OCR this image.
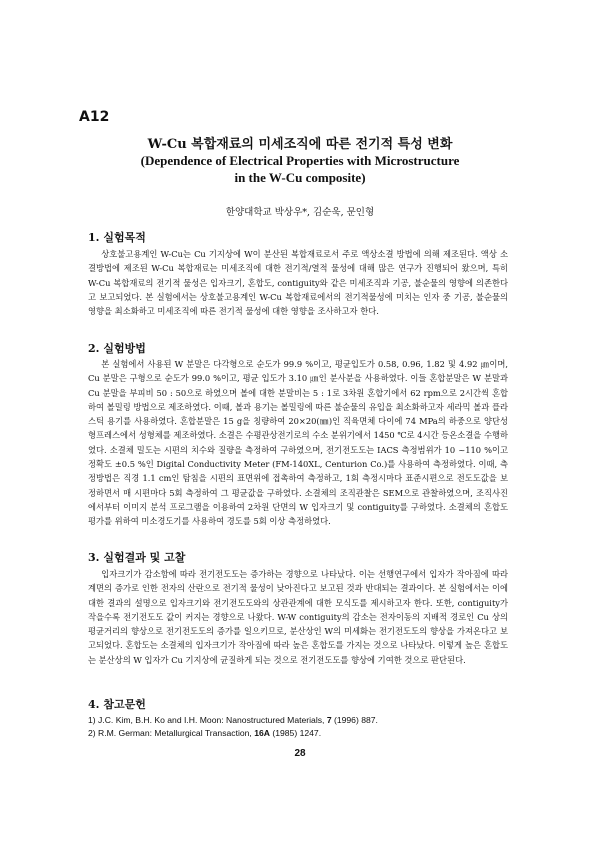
A12
W-Cu 복합재료의 미세조직에 따른 전기적 특성 변화
(Dependence of Electrical Properties with Microstructure
in the W-Cu composite)
한양대학교 박상우*, 김순욱, 문인형
1. 실험목적

상호불고용계인 W-Cu는 Cu 기지상에 W이 분산된 복합재료로서 주로 액상소결 방법에 의해 제조된다. 액상 소결방법에 제조된 W-Cu 복합재료는 미세조직에 대한 전기적/열적 물성에 대해 많은 연구가 진행되어 왔으며, 특히 W-Cu 복합재료의 전기적 물성은 입자크기, 혼합도, contiguity와 같은 미세조직과 기공, 불순물의 영향에 의존한다고 보고되었다. 본 실험에서는 상호불고용계인 W-Cu 복합재료에서의 전기적물성에 미치는 인자 중 기공, 불순물의 영향을 최소화하고 미세조직에 따른 전기적 물성에 대한 영향을 조사하고자 한다.

2. 실험방법

본 실험에서 사용된 W 분말은 다각형으로 순도가 99.9 %이고, 평균입도가 0.58, 0.96, 1.82 및 4.92 ㎛이며, Cu 분말은 구형으로 순도가 99.0 %이고, 평균 입도가 3.10 ㎛인 분사분을 사용하였다. 이들 혼합분말은 W 분말과 Cu 분말을 부피비 50 : 50으로 하였으며 볼에 대한 분말비는 5 : 1로 3차원 혼합기에서 62 rpm으로 2시간씩 혼합하여 볼밀링 방법으로 제조하였다. 이때, 볼과 용기는 볼밀링에 따른 불순물의 유입을 최소화하고자 세라믹 볼과 플라스틱 용기를 사용하였다. 혼합분말은 15 g을 칭량하여 20×20(㎜)인 직육면체 다이에 74 MPa의 하중으로 양단성형프레스에서 성형체를 제조하였다. 소결은 수평관상전기로의 수소 분위기에서 1450 ℃로 4시간 등온소결을 수행하였다. 소결체 밀도는 시편의 치수와 질량을 측정하여 구하였으며, 전기전도도는 IACS 측정범위가 10 ~110 %이고 정확도 ±0.5 %인 Digital Conductivity Meter (FM-140XL, Centurion Co.)를 사용하여 측정하였다. 이때, 측정방법은 직경 1.1 cm인 탐침을 시편의 표면위에 접촉하여 측정하고, 1회 측정시마다 표준시편으로 전도도값을 보정하면서 매 시편마다 5회 측정하여 그 평균값을 구하였다. 소결체의 조직관찰은 SEM으로 관찰하였으며, 조직사진에서부터 이미지 분석 프로그램을 이용하여 2차원 단면의 W 입자크기 및 contiguity를 구하였다. 소결체의 혼합도 평가를 위하여 미소경도기를 사용하여 경도를 5회 이상 측정하였다.

3. 실험결과 및 고찰

입자크기가 감소함에 따라 전기전도도는 증가하는 경향으로 나타났다. 이는 선행연구에서 입자가 작아짐에 따라 계면의 증가로 인한 전자의 산란으로 전기적 물성이 낮아진다고 보고된 것과 반대되는 결과이다. 본 실험에서는 이에 대한 결과의 설명으로 입자크기와 전기전도도와의 상관관계에 대한 모식도를 제시하고자 한다. 또한, contiguity가 작을수록 전기전도도 값이 커지는 경향으로 나왔다. W-W contiguity의 감소는 전자이동의 지배적 경로인 Cu 상의 평균거리의 향상으로 전기전도도의 증가를 일으키므로, 분산상인 W의 미세화는 전기전도도의 향상을 가져온다고 보고되었다. 혼합도는 소결체의 입자크기가 작아짐에 따라 높은 혼합도를 가지는 것으로 나타났다. 이렇게 높은 혼합도는 분산상의 W 입자가 Cu 기지상에 균질하게 되는 것으로 전기전도도를 향상에 기여한 것으로 판단된다.

4. 참고문헌
1) J.C. Kim, B.H. Ko and I.H. Moon: Nanostructured Materials, 7 (1996) 887.
2) R.M. German: Metallurgical Transaction, 16A (1985) 1247.
28
